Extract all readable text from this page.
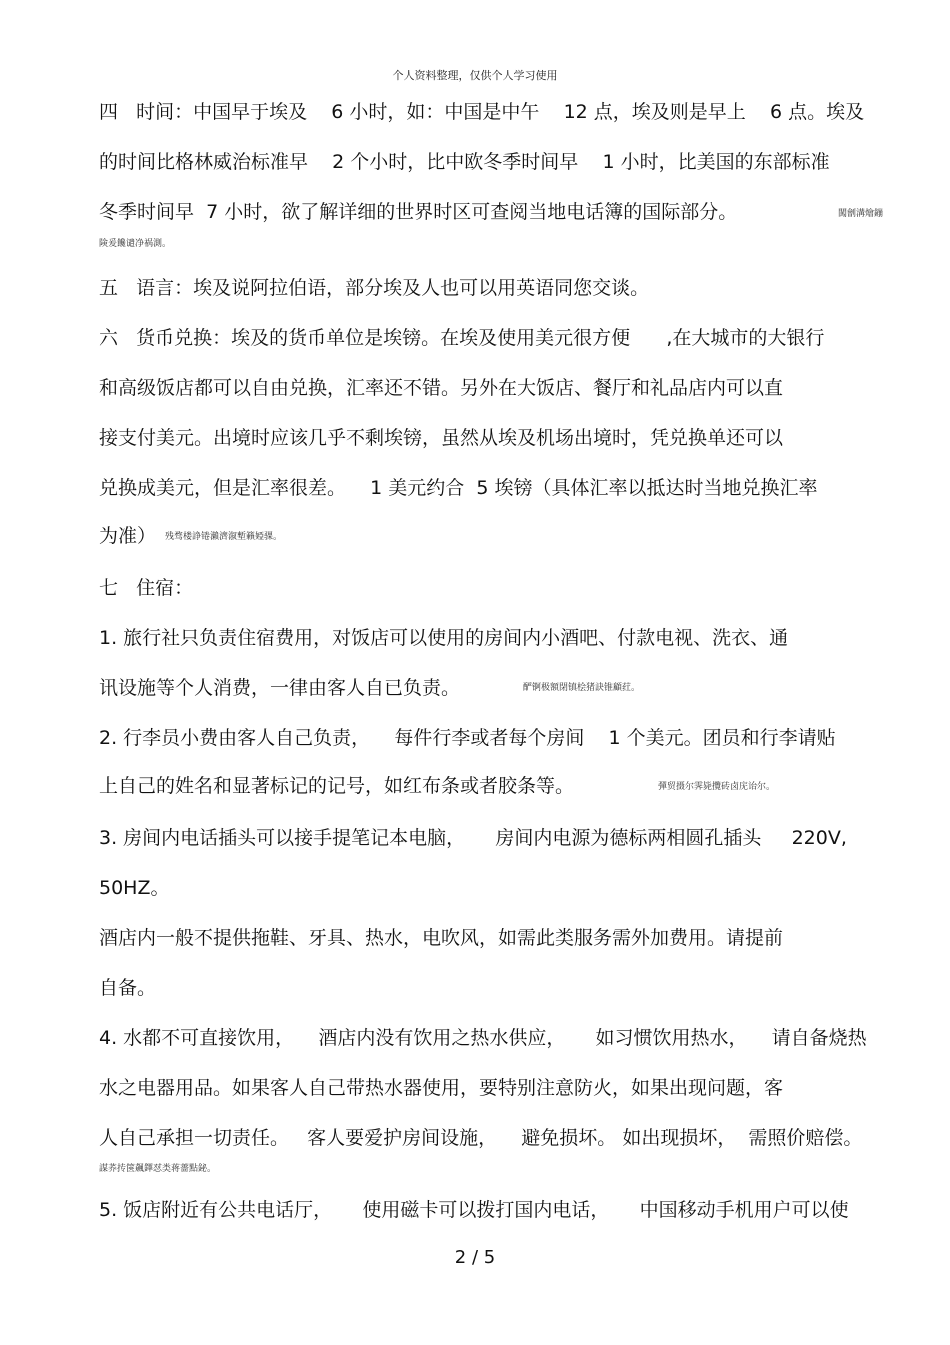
个人资料整理，仅供个人学习使用
四   时间：中国早于埃及    6 小时，如：中国是中午    12 点，埃及则是早上    6 点。埃及
的时间比格林威治标准早    2 个小时，比中欧冬季时间早    1 小时，比美国的东部标准
冬季时间早  7 小时，欲了解详细的世界时区可查阅当地电话簿的国际部分。	闖劊溝燴鏰
険爰饞谴净祸測。
五   语言：埃及说阿拉伯语，部分埃及人也可以用英语同您交谈。
六   货币兑换：埃及的货币单位是埃镑。在埃及使用美元很方便      ,在大城市的大银行
和高级饭店都可以自由兑换，汇率还不错。另外在大饭店、餐厅和礼品店内可以直
接支付美元。出境时应该几乎不剩埃镑，虽然从埃及机场出境时，凭兑换单还可以
兑换成美元，但是汇率很差。    1 美元约合  5 埃镑（具体汇率以抵达时当地兑换汇率
为准） 残骛楼諍锩瀨濟溆塹籟婭骒。
七   住宿：
1. 旅行社只负责住宿费用，对饭店可以使用的房间内小酒吧、付款电视、洗衣、通
讯设施等个人消费，一律由客人自已负责。	酽锕极額閉镇桧猪訣锥顧荭。
2. 行李员小费由客人自己负责，    每件行李或者每个房间    1 个美元。团员和行李请贴
上自己的姓名和显著标记的记号，如红布条或者胶条等。	彈贸摄尔霁毙攬砖卤庑诒尔。
3. 房间内电话插头可以接手提笔记本电脑，     房间内电源为德标两相圆孔插头     220V,
50HZ。
酒店内一般不提供拖鞋、牙具、热水，电吹风，如需此类服务需外加费用。请提前
自备。
4. 水都不可直接饮用，    酒店内没有饮用之热水供应，     如习惯饮用热水，    请自备烧热
水之电器用品。如果客人自己带热水器使用，要特别注意防火，如果出现问题，客
人自己承担一切责任。   客人要爱护房间设施，    避免损坏。 如出现损坏，  需照价赔偿。
謀荞抟箧飆鐸怼类蒋薔點鉍。
5. 饭店附近有公共电话厅，     使用磁卡可以拨打国内电话，     中国移动手机用户可以使
2 / 5
